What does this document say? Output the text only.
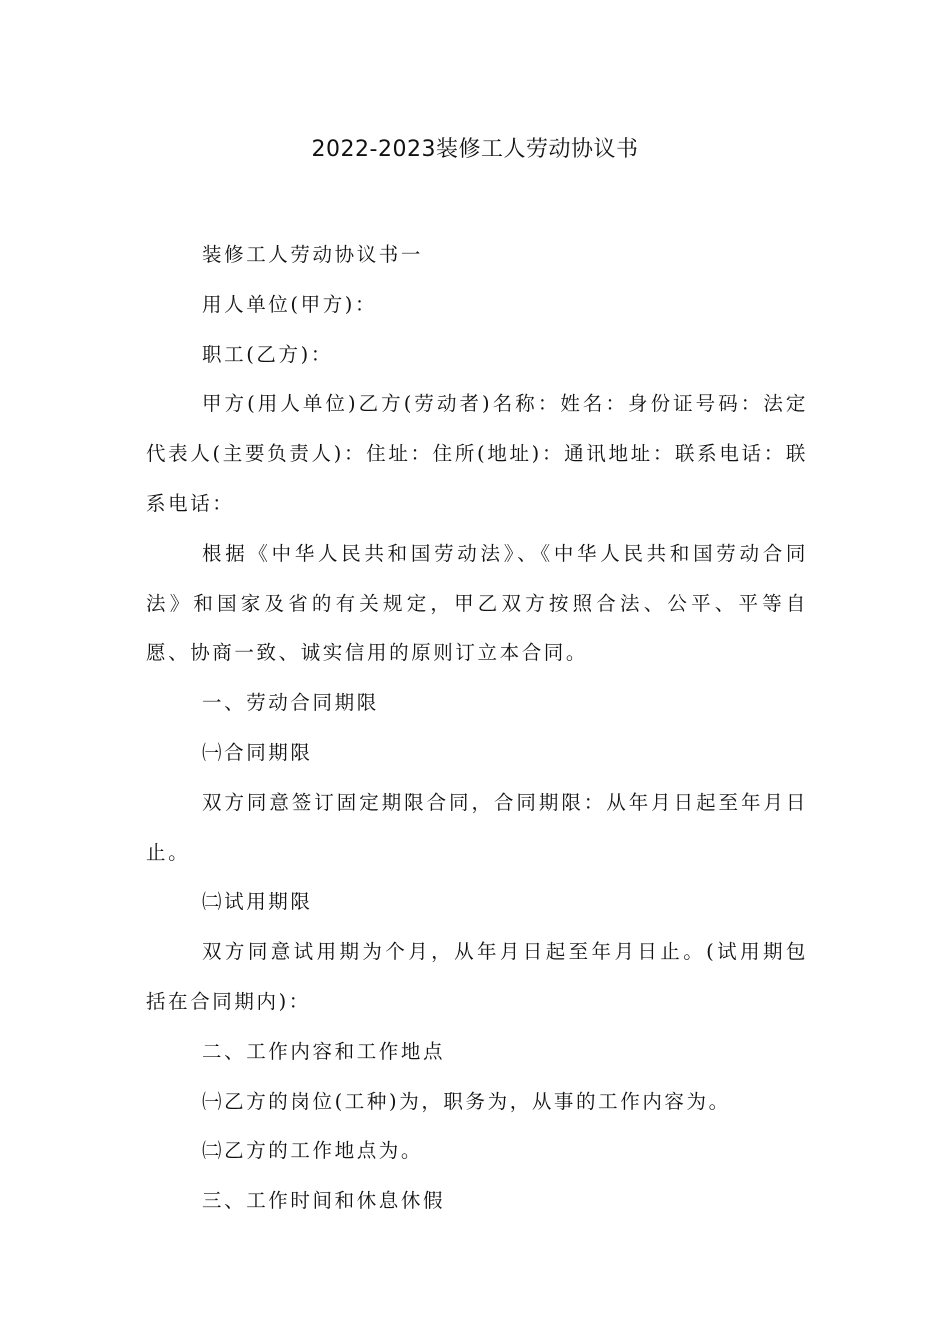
2022-2023装修工人劳动协议书

装修工人劳动协议书一

用人单位(甲方)：

职工(乙方)：

甲方(用人单位)乙方(劳动者)名称：姓名：身份证号码：法定代表人(主要负责人)：住址：住所(地址)：通讯地址：联系电话：联系电话：

根据《中华人民共和国劳动法》、《中华人民共和国劳动合同法》和国家及省的有关规定，甲乙双方按照合法、公平、平等自愿、协商一致、诚实信用的原则订立本合同。

一、劳动合同期限

㈠合同期限

双方同意签订固定期限合同，合同期限：从年月日起至年月日止。

㈡试用期限

双方同意试用期为个月，从年月日起至年月日止。(试用期包括在合同期内)：

二、工作内容和工作地点

㈠乙方的岗位(工种)为，职务为，从事的工作内容为。

㈡乙方的工作地点为。

三、工作时间和休息休假
